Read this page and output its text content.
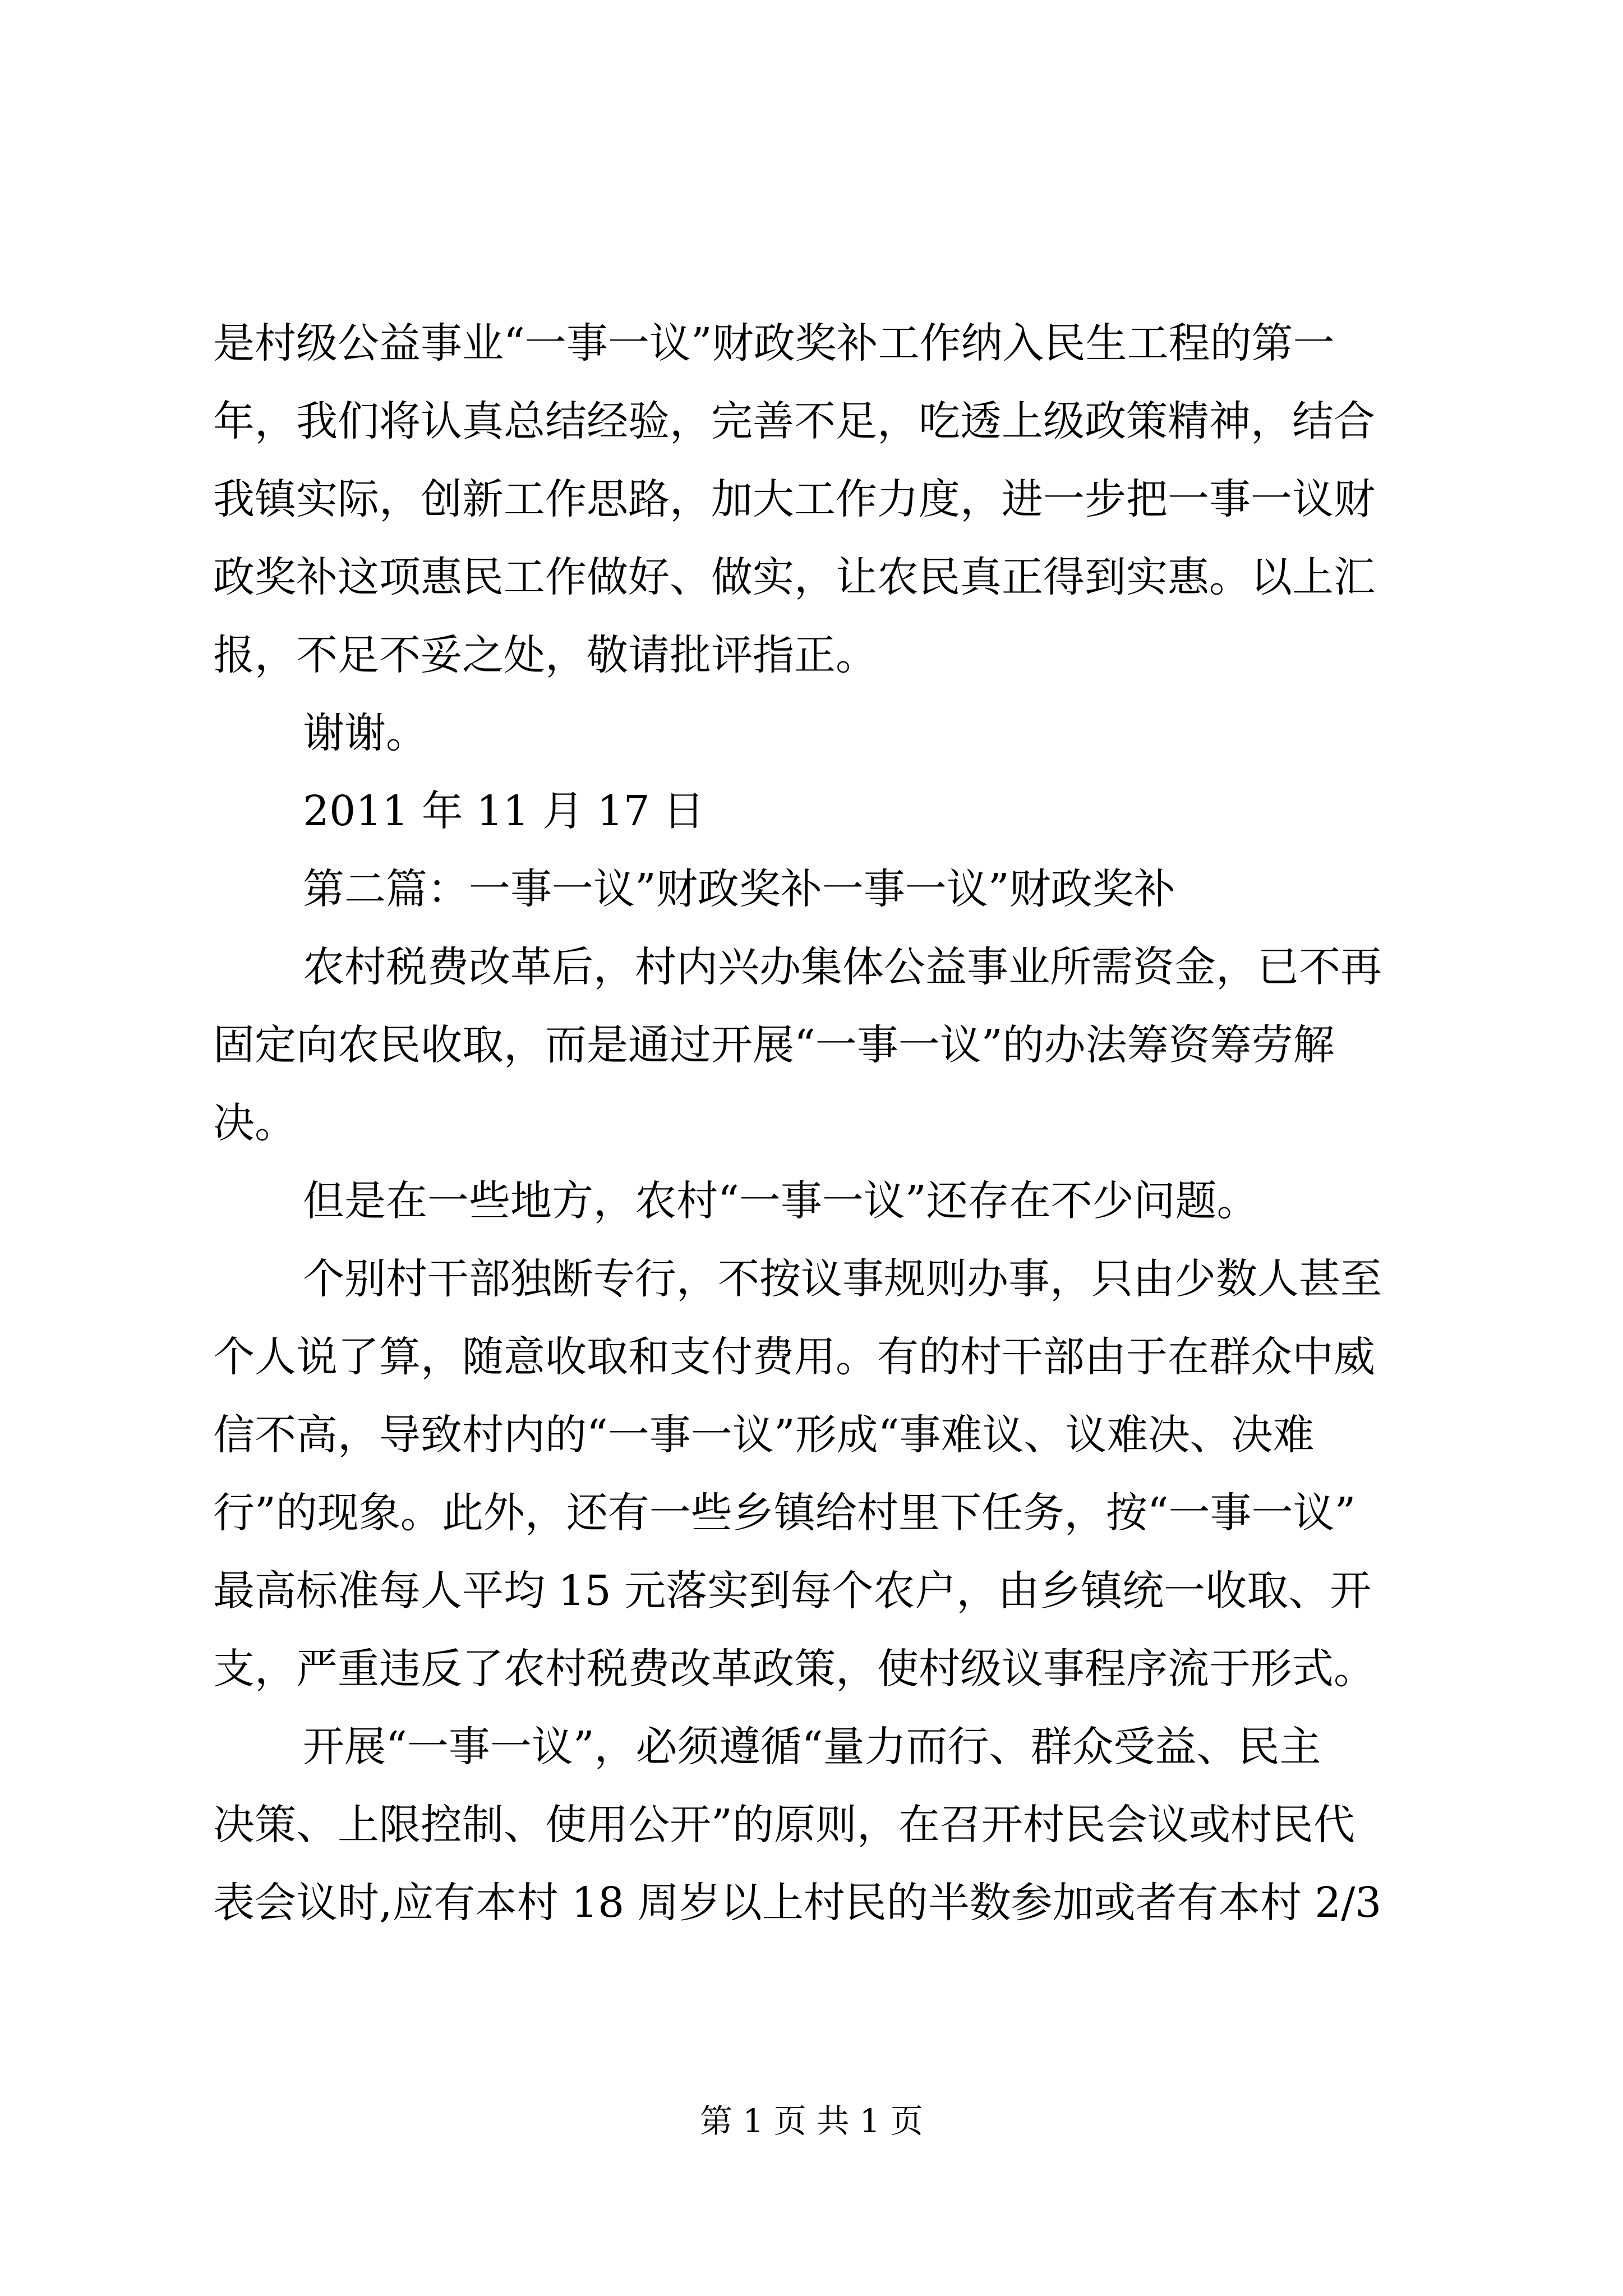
是村级公益事业“一事一议”财政奖补工作纳入民生工程的第一
年，我们将认真总结经验，完善不足，吃透上级政策精神，结合
我镇实际，创新工作思路，加大工作力度，进一步把一事一议财
政奖补这项惠民工作做好、做实，让农民真正得到实惠。以上汇
报，不足不妥之处，敬请批评指正。
谢谢。
2011 年 11 月 17 日
第二篇：一事一议”财政奖补一事一议”财政奖补
农村税费改革后，村内兴办集体公益事业所需资金，已不再
固定向农民收取，而是通过开展“一事一议”的办法筹资筹劳解
决。
但是在一些地方，农村“一事一议”还存在不少问题。
个别村干部独断专行，不按议事规则办事，只由少数人甚至
个人说了算，随意收取和支付费用。有的村干部由于在群众中威
信不高，导致村内的“一事一议”形成“事难议、议难决、决难
行”的现象。此外，还有一些乡镇给村里下任务，按“一事一议”
最高标准每人平均 15 元落实到每个农户，由乡镇统一收取、开
支，严重违反了农村税费改革政策，使村级议事程序流于形式。
开展“一事一议”，必须遵循“量力而行、群众受益、民主
决策、上限控制、使用公开”的原则，在召开村民会议或村民代
表会议时,应有本村 18 周岁以上村民的半数参加或者有本村 2/3
第 1 页 共 1 页
